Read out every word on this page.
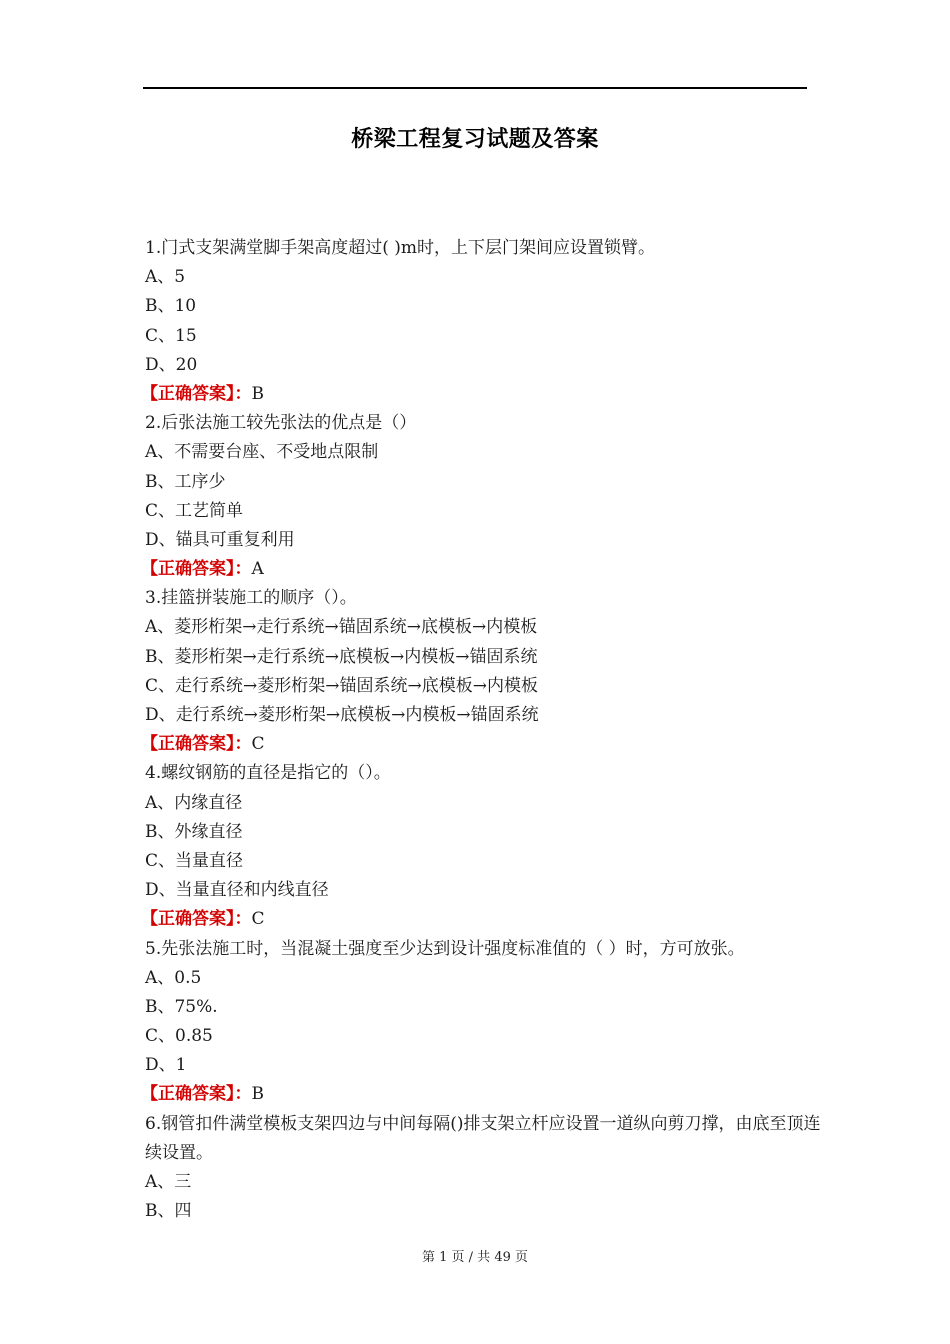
桥梁工程复习试题及答案
1.门式支架满堂脚手架高度超过( )m时，上下层门架间应设置锁臂。
A、5
B、10
C、15
D、20
【正确答案】：B
2.后张法施工较先张法的优点是（）
A、不需要台座、不受地点限制
B、工序少
C、工艺简单
D、锚具可重复利用
【正确答案】：A
3.挂篮拼装施工的顺序（）。
A、菱形桁架→走行系统→锚固系统→底模板→内模板
B、菱形桁架→走行系统→底模板→内模板→锚固系统
C、走行系统→菱形桁架→锚固系统→底模板→内模板
D、走行系统→菱形桁架→底模板→内模板→锚固系统
【正确答案】：C
4.螺纹钢筋的直径是指它的（）。
A、内缘直径
B、外缘直径
C、当量直径
D、当量直径和内线直径
【正确答案】：C
5.先张法施工时，当混凝土强度至少达到设计强度标准值的（ ）时，方可放张。
A、0.5
B、75%.
C、0.85
D、1
【正确答案】：B
6.钢管扣件满堂模板支架四边与中间每隔()排支架立杆应设置一道纵向剪刀撑，由底至顶连续设置。
A、三
B、四
第 1 页 / 共 49 页
